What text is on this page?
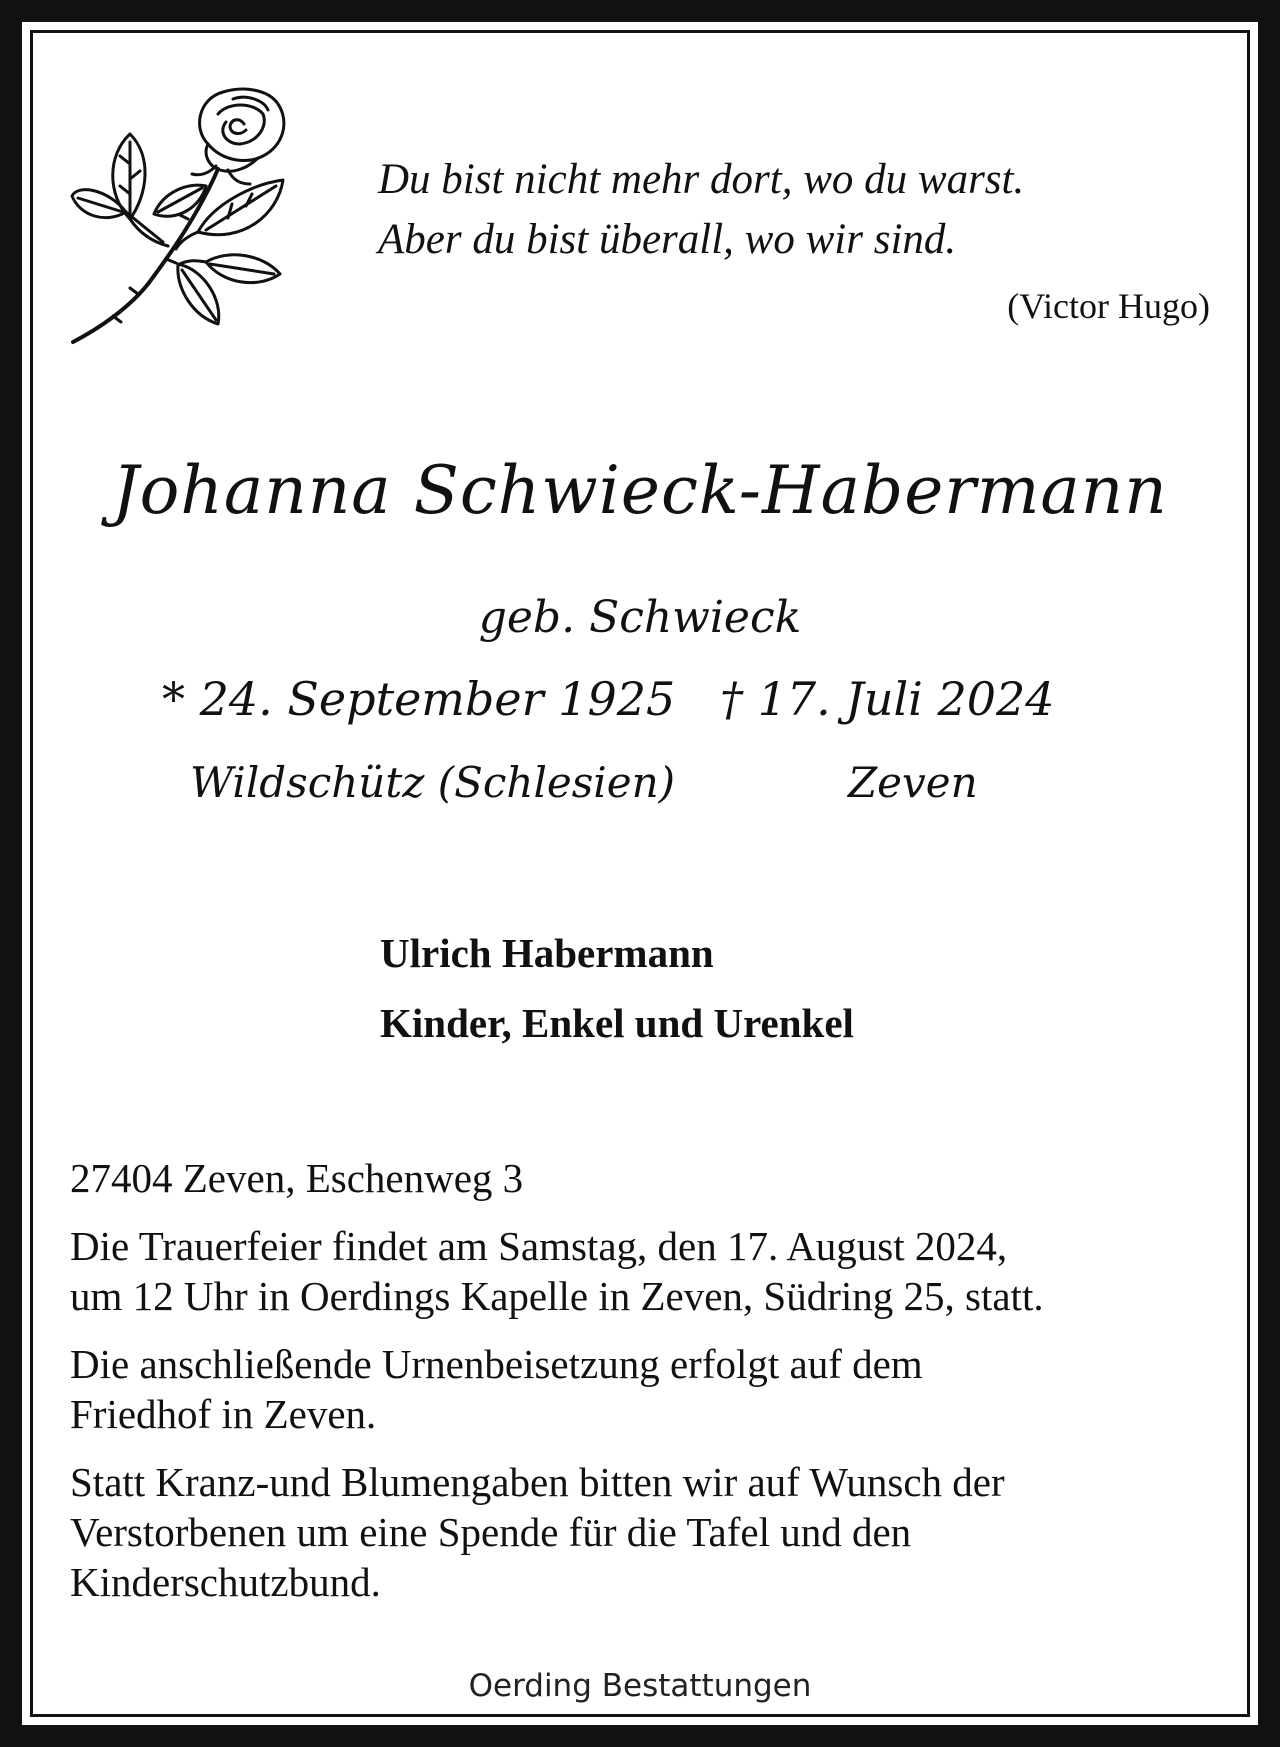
Du bist nicht mehr dort, wo du warst.
Aber du bist überall, wo wir sind.
(Victor Hugo)
Johanna Schwieck-Habermann
geb. Schwieck
* 24. September 1925 † 17. Juli 2024
Wildschütz (Schlesien)	Zeven
Ulrich Habermann
Kinder, Enkel und Urenkel

27404 Zeven, Eschenweg 3

Die Trauerfeier findet am Samstag, den 17. August 2024,
um 12 Uhr in Oerdings Kapelle in Zeven, Südring 25, statt.

Die anschließende Urnenbeisetzung erfolgt auf dem
Friedhof in Zeven.

Statt Kranz-und Blumengaben bitten wir auf Wunsch der
Verstorbenen um eine Spende für die Tafel und den
Kinderschutzbund.

Oerding Bestattungen
